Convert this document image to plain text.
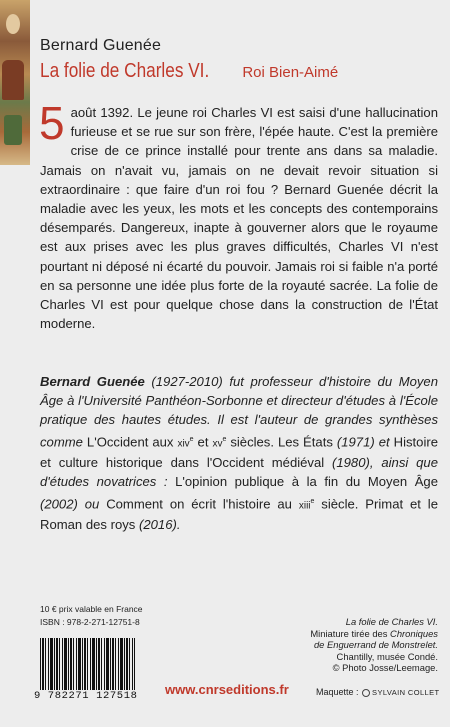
Bernard Guenée
La folie de Charles VI. Roi Bien-Aimé
5 août 1392. Le jeune roi Charles VI est saisi d'une hallucination furieuse et se rue sur son frère, l'épée haute. C'est la première crise de ce prince installé pour trente ans dans sa maladie. Jamais on n'avait vu, jamais on ne devait revoir situation si extraordinaire : que faire d'un roi fou ? Bernard Guenée décrit la maladie avec les yeux, les mots et les concepts des contemporains désemparés. Dangereux, inapte à gouverner alors que le royaume est aux prises avec les plus graves difficultés, Charles VI n'est pourtant ni déposé ni écarté du pouvoir. Jamais roi si faible n'a porté en sa personne une idée plus forte de la royauté sacrée. La folie de Charles VI est pour quelque chose dans la construction de l'État moderne.
Bernard Guenée (1927-2010) fut professeur d'histoire du Moyen Âge à l'Université Panthéon-Sorbonne et directeur d'études à l'École pratique des hautes études. Il est l'auteur de grandes synthèses comme L'Occident aux xiv$^e$ et $xv^e$ siècles. Les États (1971) et Histoire et culture historique dans l'Occident médiéval (1980), ainsi que d'études novatrices : L'opinion publique à la fin du Moyen Âge (2002) ou Comment on écrit l'histoire au xiii$^e$ siècle. Primat et le Roman des roys (2016).
10 € prix valable en France
ISBN : 978-2-271-12751-8
9 782271 127518 www.cnrseditions.fr
La folie de Charles VI.
Miniature tirée des Chroniques
de Enguerrand de Monstrelet.
Chantilly, musée Condé.
© Photo Josse/Leemage.
Maquette : SYLVAIN COLLET
